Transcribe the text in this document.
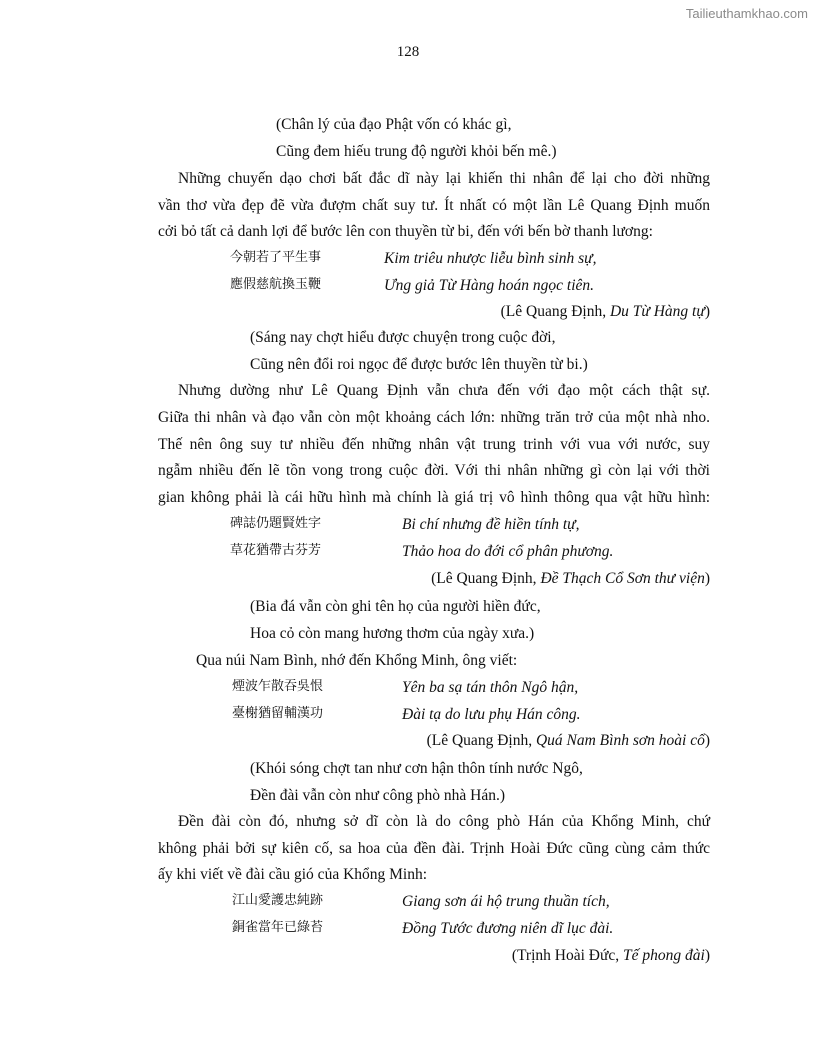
Tailieuthamkhao.com
128
(Chân lý của đạo Phật vốn có khác gì,
Cũng đem hiếu trung độ người khỏi bến mê.)
Những chuyến dạo chơi bất đắc dĩ này lại khiến thi nhân để lại cho đời những
vần thơ vừa đẹp đẽ vừa đượm chất suy tư. Ít nhất có một lần Lê Quang Định muốn
cởi bỏ tất cả danh lợi để bước lên con thuyền từ bi, đến với bến bờ thanh lương:
今朝若了平生事	Kim triêu nhược liễu bình sinh sự,
應假慈航換玉鞭	Ưng giả Từ Hàng hoán ngọc tiên.
(Lê Quang Định, Du Từ Hàng tự)
(Sáng nay chợt hiểu được chuyện trong cuộc đời,
Cũng nên đổi roi ngọc để được bước lên thuyền từ bi.)
Nhưng dường như Lê Quang Định vẫn chưa đến với đạo một cách thật sự.
Giữa thi nhân và đạo vẫn còn một khoảng cách lớn: những trăn trở của một nhà nho.
Thế nên ông suy tư nhiều đến những nhân vật trung trinh với vua với nước, suy
ngẫm nhiều đến lẽ tồn vong trong cuộc đời. Với thi nhân những gì còn lại với thời
gian không phải là cái hữu hình mà chính là giá trị vô hình thông qua vật hữu hình:
碑誌仍題賢姓字	Bi chí nhưng đề hiền tính tự,
草花猶帶古芬芳	Thảo hoa do đới cổ phân phương.
(Lê Quang Định, Đề Thạch Cổ Sơn thư viện)
(Bia đá vẫn còn ghi tên họ của người hiền đức,
Hoa cỏ còn mang hương thơm của ngày xưa.)
Qua núi Nam Bình, nhớ đến Khổng Minh, ông viết:
煙波乍散吞吳恨	Yên ba sạ tán thôn Ngô hận,
臺榭猶留輔漢功	Đài tạ do lưu phụ Hán công.
(Lê Quang Định, Quá Nam Bình sơn hoài cổ)
(Khói sóng chợt tan như cơn hận thôn tính nước Ngô,
Đền đài vẫn còn như công phò nhà Hán.)
Đền đài còn đó, nhưng sở dĩ còn là do công phò Hán của Khổng Minh, chứ
không phải bởi sự kiên cố, sa hoa của đền đài. Trịnh Hoài Đức cũng cùng cảm thức
ấy khi viết về đài cầu gió của Khổng Minh:
江山愛護忠純跡	Giang sơn ái hộ trung thuần tích,
銅雀當年已綠苔	Đồng Tước đương niên dĩ lục đài.
(Trịnh Hoài Đức, Tế phong đài)
